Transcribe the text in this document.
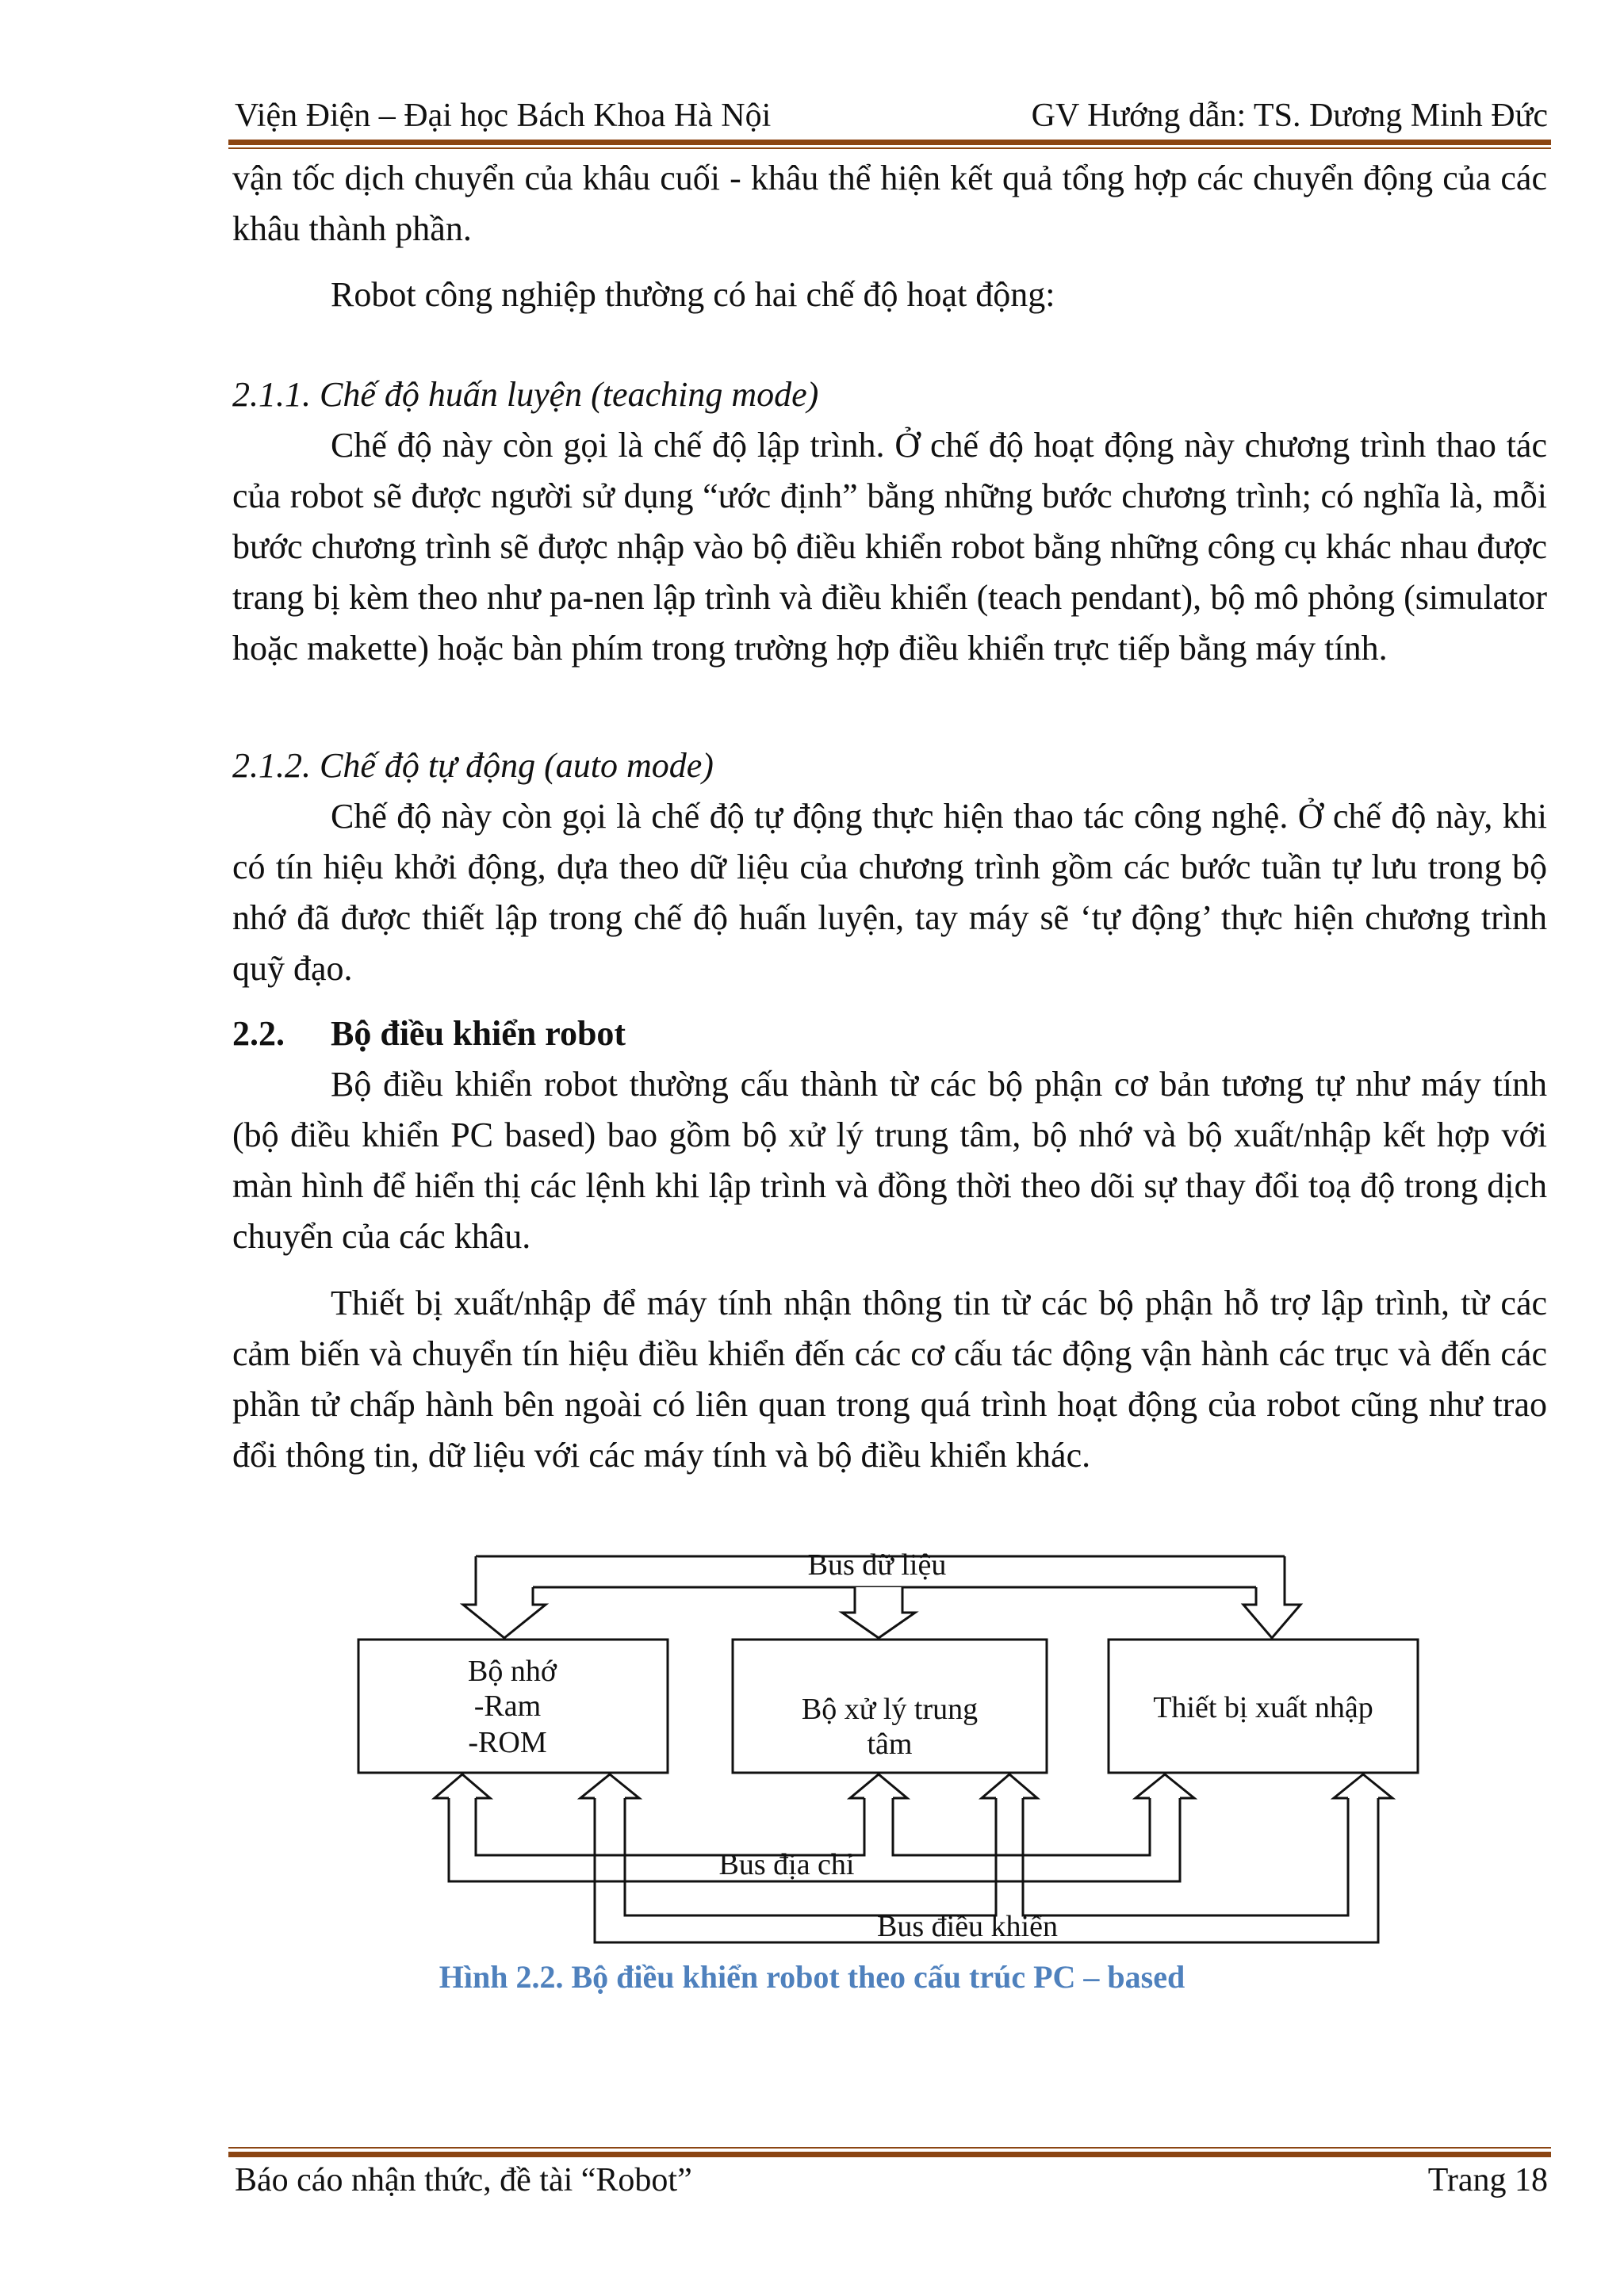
Viện Điện – Đại học Bách Khoa Hà Nội	GV Hướng dẫn: TS. Dương Minh Đức

vận tốc dịch chuyển của khâu cuối - khâu thể hiện kết quả tổng hợp các chuyển động của các khâu thành phần.

Robot công nghiệp thường có hai chế độ hoạt động:

2.1.1. Chế độ huấn luyện (teaching mode)

Chế độ này còn gọi là chế độ lập trình. Ở chế độ hoạt động này chương trình thao tác của robot sẽ được người sử dụng “ước định” bằng những bước chương trình; có nghĩa là, mỗi bước chương trình sẽ được nhập vào bộ điều khiển robot bằng những công cụ khác nhau được trang bị kèm theo như pa-nen lập trình và điều khiển (teach pendant), bộ mô phỏng (simulator hoặc makette) hoặc bàn phím trong trường hợp điều khiển trực tiếp bằng máy tính.

2.1.2. Chế độ tự động (auto mode)

Chế độ này còn gọi là chế độ tự động thực hiện thao tác công nghệ. Ở chế độ này, khi có tín hiệu khởi động, dựa theo dữ liệu của chương trình gồm các bước tuần tự lưu trong bộ nhớ đã được thiết lập trong chế độ huấn luyện, tay máy sẽ ‘tự động’ thực hiện chương trình quỹ đạo.

2.2. Bộ điều khiển robot

Bộ điều khiển robot thường cấu thành từ các bộ phận cơ bản tương tự như máy tính (bộ điều khiển PC based) bao gồm bộ xử lý trung tâm, bộ nhớ và bộ xuất/nhập kết hợp với màn hình để hiển thị các lệnh khi lập trình và đồng thời theo dõi sự thay đổi toạ độ trong dịch chuyển của các khâu.

Thiết bị xuất/nhập để máy tính nhận thông tin từ các bộ phận hỗ trợ lập trình, từ các cảm biến và chuyển tín hiệu điều khiển đến các cơ cấu tác động vận hành các trục và đến các phần tử chấp hành bên ngoài có liên quan trong quá trình hoạt động của robot cũng như trao đổi thông tin, dữ liệu với các máy tính và bộ điều khiển khác.

Bus dữ liệu
Bộ nhớ
-Ram
-ROM
Bộ xử lý trung
tâm
Thiết bị xuất nhập
Bus địa chỉ
Bus điều khiển
Hình 2.2. Bộ điều khiển robot theo cấu trúc PC – based
Báo cáo nhận thức, đề tài “Robot”	Trang 18
